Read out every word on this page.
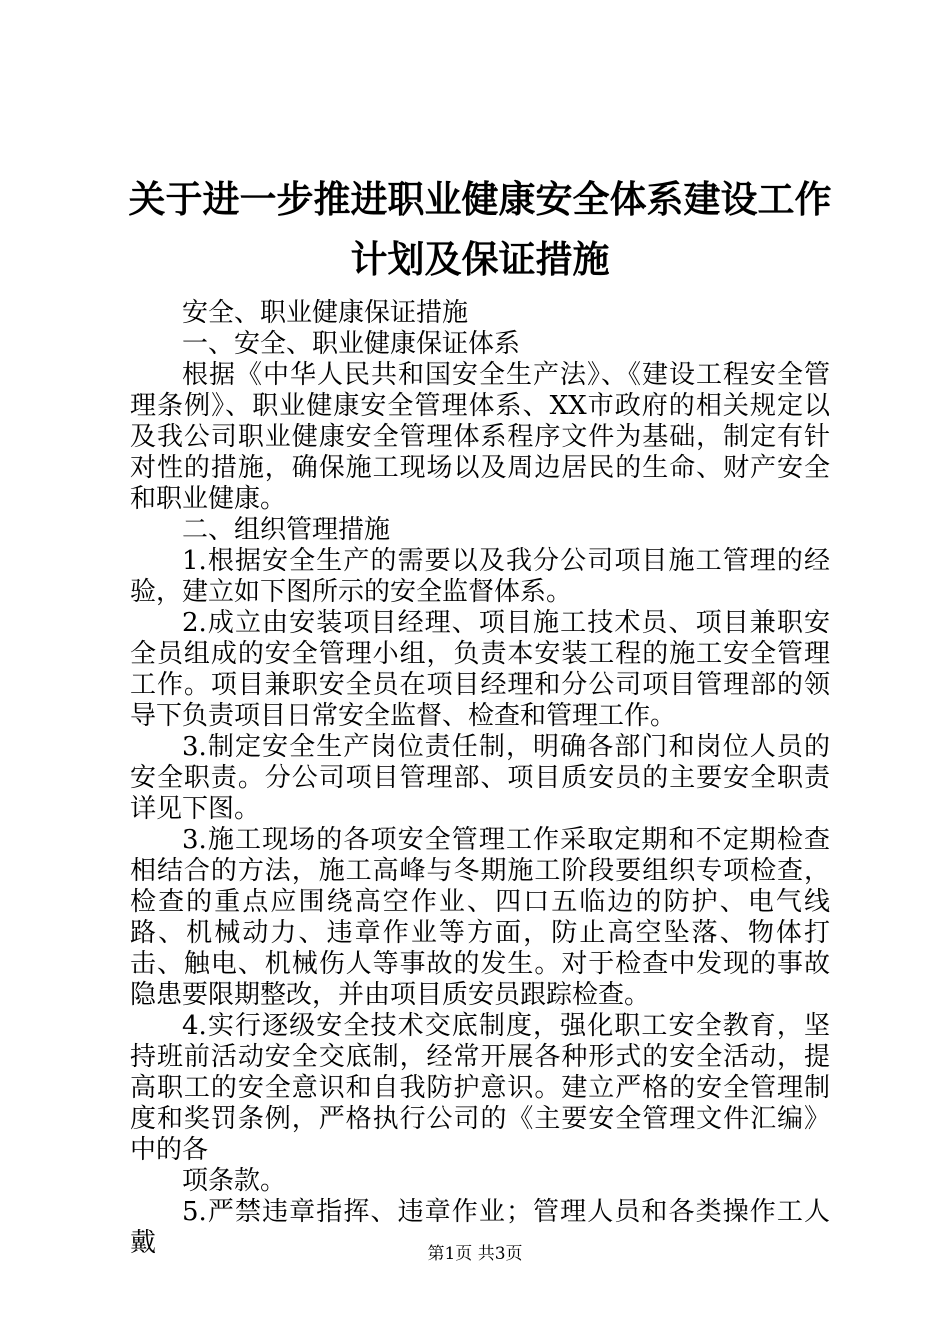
关于进一步推进职业健康安全体系建设工作计划及保证措施

安全、职业健康保证措施

一、安全、职业健康保证体系

根据《中华人民共和国安全生产法》、《建设工程安全管理条例》、职业健康安全管理体系、XX市政府的相关规定以及我公司职业健康安全管理体系程序文件为基础，制定有针对性的措施，确保施工现场以及周边居民的生命、财产安全和职业健康。

二、组织管理措施

1.根据安全生产的需要以及我分公司项目施工管理的经验，建立如下图所示的安全监督体系。

2.成立由安装项目经理、项目施工技术员、项目兼职安全员组成的安全管理小组，负责本安装工程的施工安全管理工作。项目兼职安全员在项目经理和分公司项目管理部的领导下负责项目日常安全监督、检查和管理工作。

3.制定安全生产岗位责任制，明确各部门和岗位人员的安全职责。分公司项目管理部、项目质安员的主要安全职责详见下图。

3.施工现场的各项安全管理工作采取定期和不定期检查相结合的方法，施工高峰与冬期施工阶段要组织专项检查，检查的重点应围绕高空作业、四口五临边的防护、电气线路、机械动力、违章作业等方面，防止高空坠落、物体打击、触电、机械伤人等事故的发生。对于检查中发现的事故隐患要限期整改，并由项目质安员跟踪检查。

4.实行逐级安全技术交底制度，强化职工安全教育，坚持班前活动安全交底制，经常开展各种形式的安全活动，提高职工的安全意识和自我防护意识。建立严格的安全管理制度和奖罚条例，严格执行公司的《主要安全管理文件汇编》中的各

项条款。

5.严禁违章指挥、违章作业；管理人员和各类操作工人戴	第1页 共3页
